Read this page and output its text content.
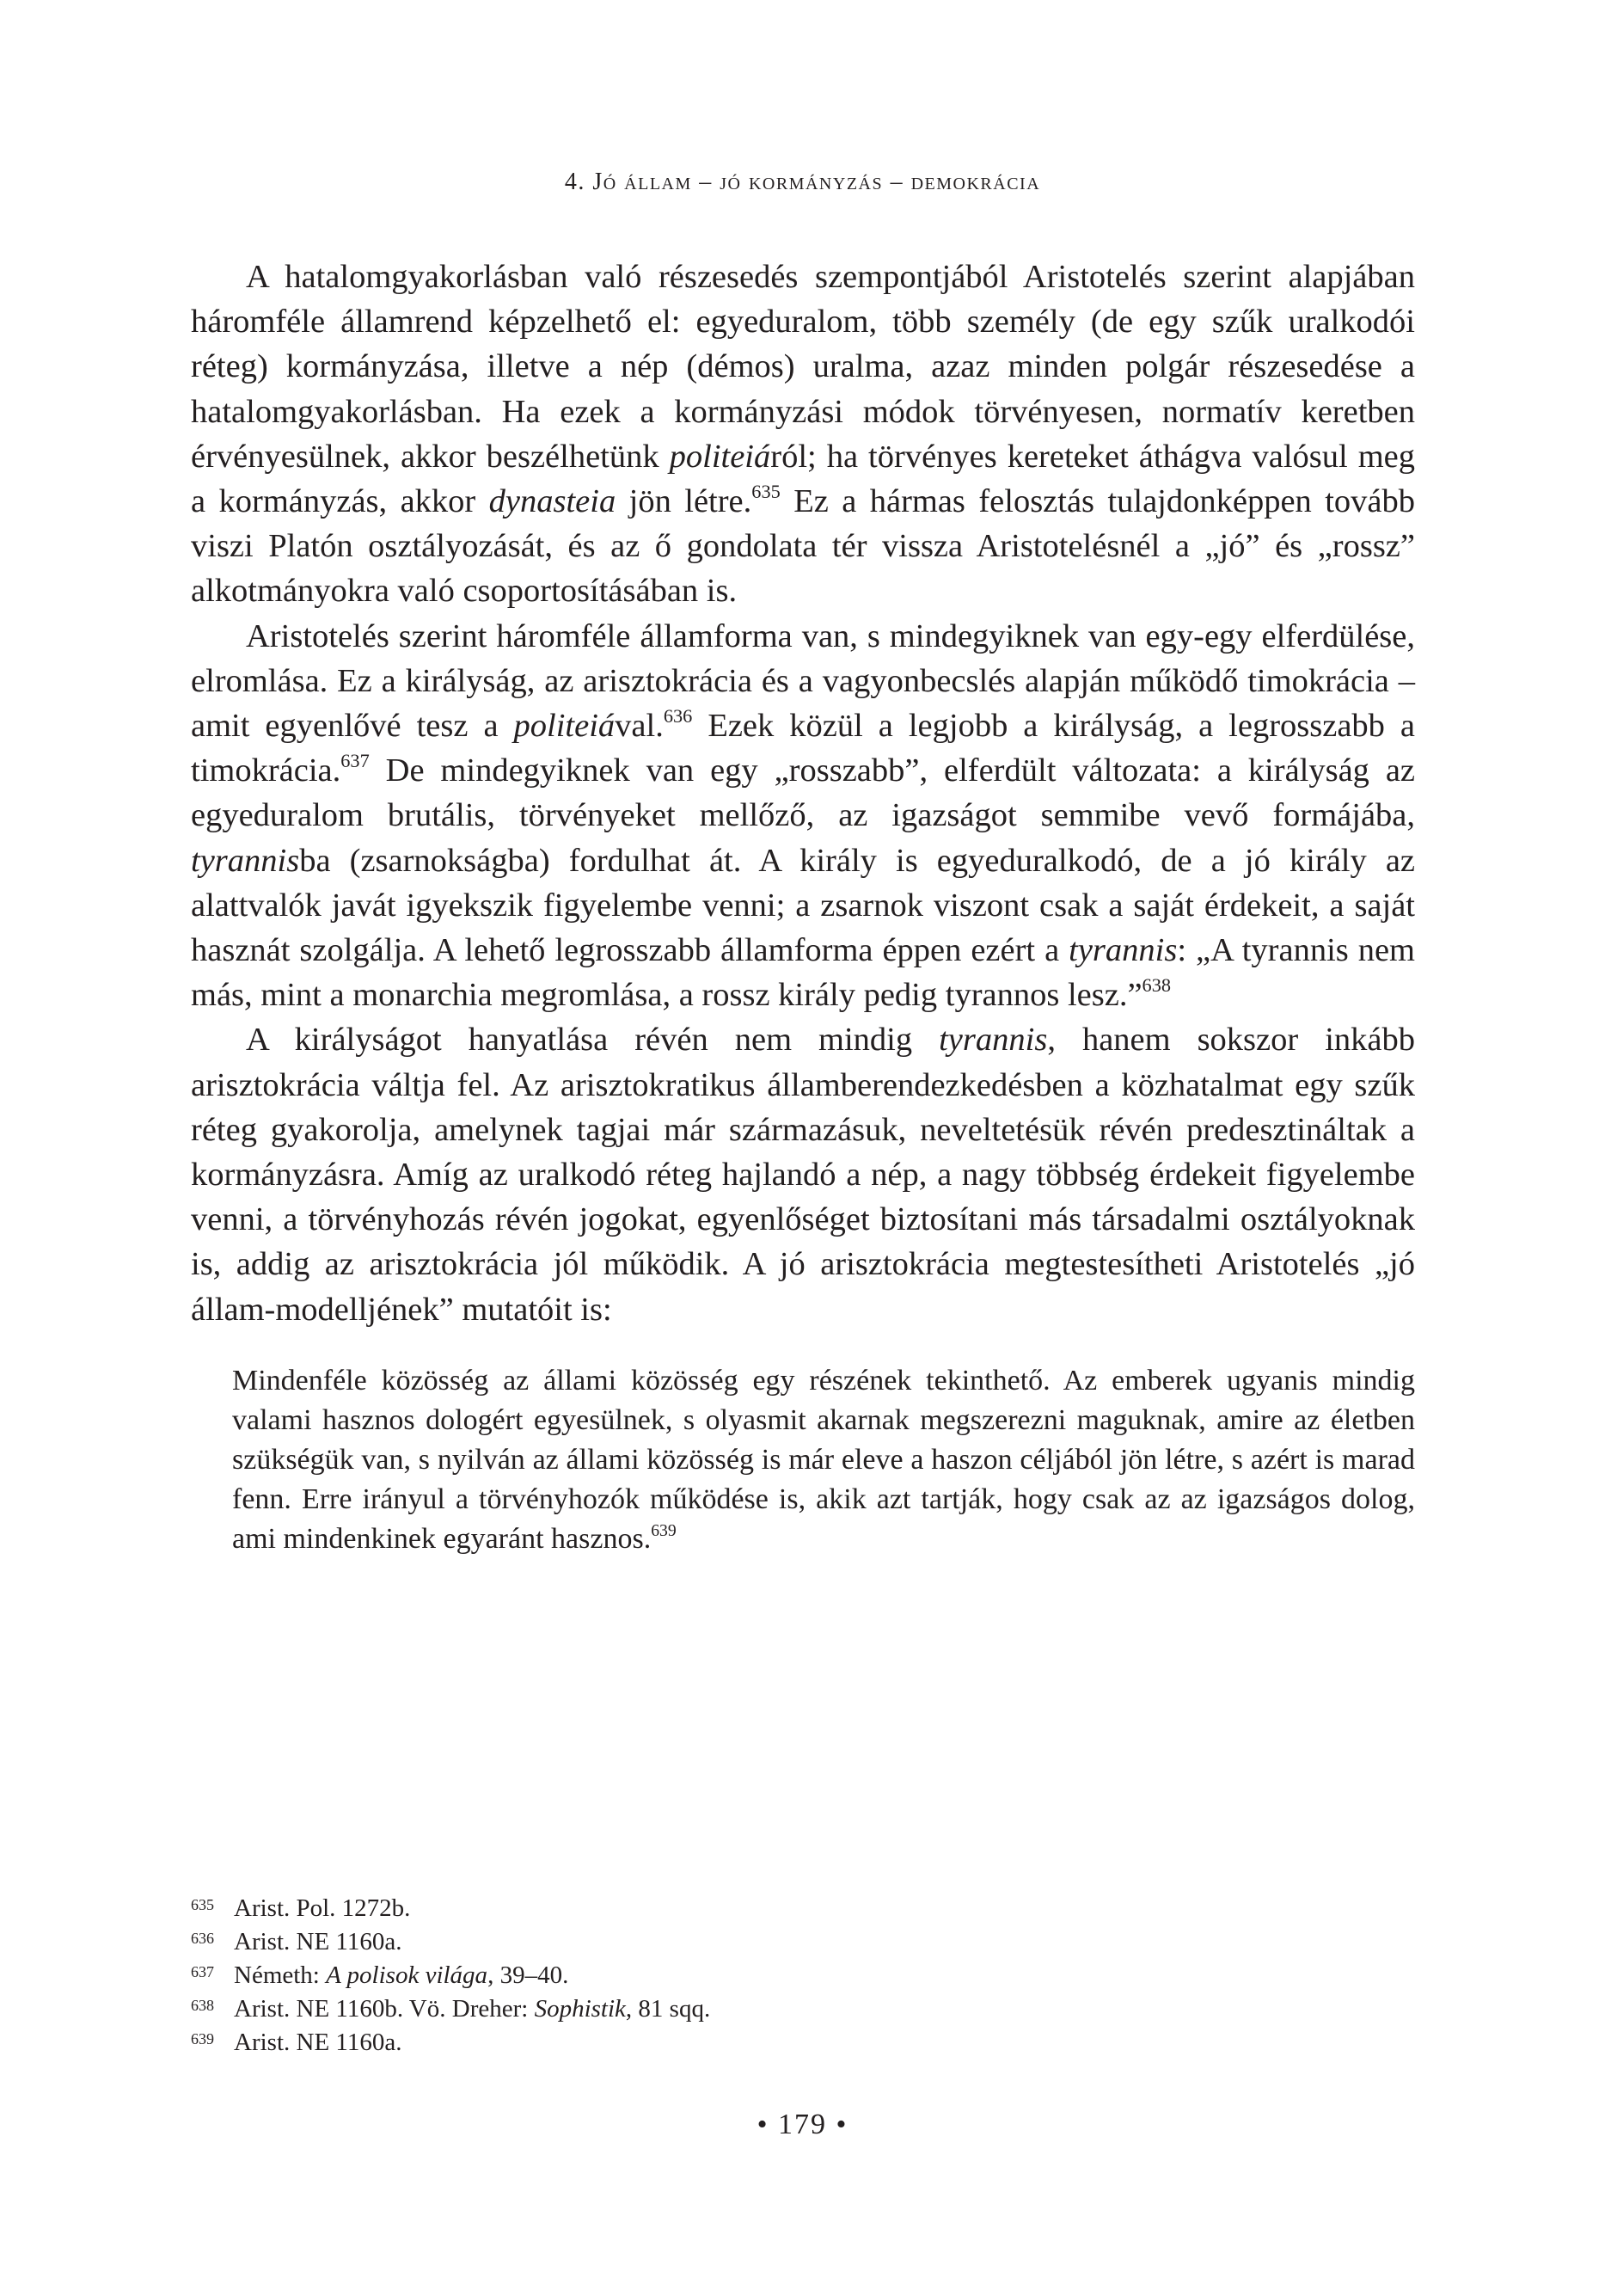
4. Jó állam – jó kormányzás – demokrácia

A hatalomgyakorlásban való részesedés szempontjából Aristotelés szerint alapjában háromféle államrend képzelhető el: egyeduralom, több személy (de egy szűk uralkodói réteg) kormányzása, illetve a nép (démos) uralma, azaz minden polgár részesedése a hatalomgyakorlásban. Ha ezek a kormányzási módok törvényesen, normatív keretben érvényesülnek, akkor beszélhetünk politeiáról; ha törvényes kereteket áthágva valósul meg a kormányzás, akkor dynasteia jön létre.$^{635}$ Ez a hármas felosztás tulajdonképpen tovább viszi Platón osztályozását, és az ő gondolata tér vissza Aristotelésnél a „jó” és „rossz” alkotmányokra való csoportosításában is.

Aristotelés szerint háromféle államforma van, s mindegyiknek van egy-egy elferdülése, elromlása. Ez a királyság, az arisztokrácia és a vagyonbecslés alapján működő timokrácia – amit egyenlővé tesz a politeiával.$^{636}$ Ezek közül a legjobb a királyság, a legrosszabb a timokrácia.$^{637}$ De mindegyiknek van egy „rosszabb”, elferdült változata: a királyság az egyeduralom brutális, törvényeket mellőző, az igazságot semmibe vevő formájába, tyrannisba (zsarnokságba) fordulhat át. A király is egyeduralkodó, de a jó király az alattvalók javát igyekszik figyelembe venni; a zsarnok viszont csak a saját érdekeit, a saját hasznát szolgálja. A lehető legrosszabb államforma éppen ezért a tyrannis: „A tyrannis nem más, mint a monarchia megromlása, a rossz király pedig tyrannos lesz.”$^{638}$

A királyságot hanyatlása révén nem mindig tyrannis, hanem sokszor inkább arisztokrácia váltja fel. Az arisztokratikus államberendezkedésben a közhatalmat egy szűk réteg gyakorolja, amelynek tagjai már származásuk, neveltetésük révén predesztináltak a kormányzásra. Amíg az uralkodó réteg hajlandó a nép, a nagy többség érdekeit figyelembe venni, a törvényhozás révén jogokat, egyenlőséget biztosítani más társadalmi osztályoknak is, addig az arisztokrácia jól működik. A jó arisztokrácia megtestesítheti Aristotelés „jó állam-modelljének” mutatóit is:

Mindenféle közösség az állami közösség egy részének tekinthető. Az emberek ugyanis mindig valami hasznos dologért egyesülnek, s olyasmit akarnak megszerezni maguknak, amire az életben szükségük van, s nyilván az állami közösség is már eleve a haszon céljából jön létre, s azért is marad fenn. Erre irányul a törvényhozók működése is, akik azt tartják, hogy csak az az igazságos dolog, ami mindenkinek egyaránt hasznos.$^{639}$

635 Arist. Pol. 1272b.
636 Arist. NE 1160a.
637 Németh: A polisok világa, 39–40.
638 Arist. NE 1160b. Vö. Dreher: Sophistik, 81 sqq.
639 Arist. NE 1160a.
• 179 •
